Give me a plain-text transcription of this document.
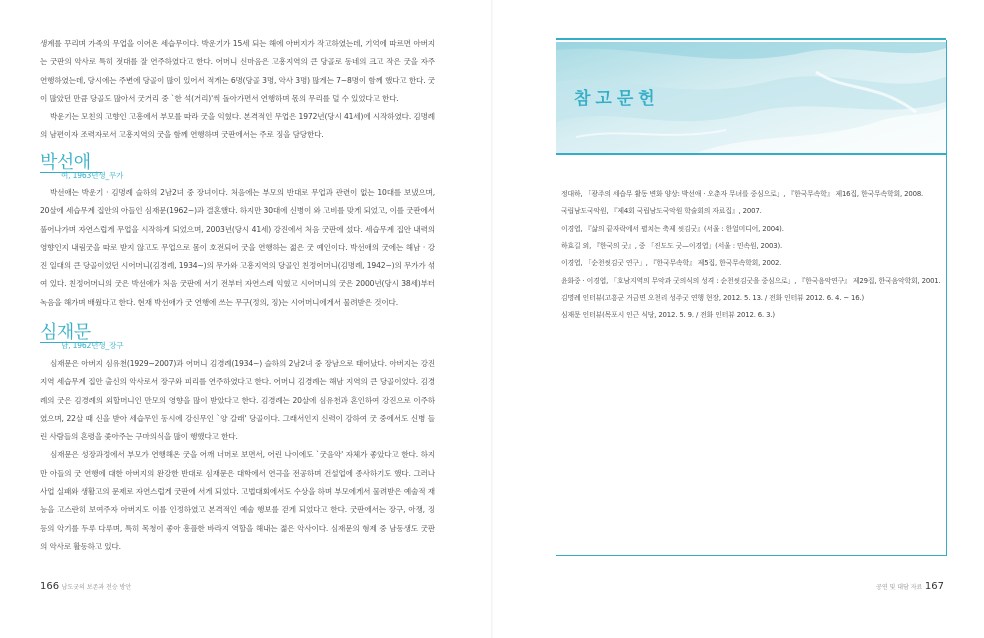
생계를 꾸리며 가족의 무업을 이어온 세습무이다. 박운기가 15세 되는 해에 아버지가 작고하였는데, 기억에 따르면 아버지는 굿판의 악사로 특히 젓대를 잘 연주하였다고 한다. 어머니 신마음은 고흥지역의 큰 당골로 동네의 크고 작은 굿을 자주 연행하였는데, 당시에는 주변에 당골이 많이 있어서 적게는 6명(당골 3명, 악사 3명) 많게는 7~8명이 함께 했다고 한다. 굿이 많았던 만큼 당골도 많아서 굿거리 중 `한 석(거리)'씩 돌아가면서 연행하며 몫의 무리를 덜 수 있었다고 한다.

박운기는 모친의 고향인 고흥에서 부모를 따라 굿을 익혔다. 본격적인 무업은 1972년(당시 41세)에 시작하였다. 김명례의 남편이자 조력자로서 고흥지역의 굿을 함께 연행하며 굿판에서는 주로 징을 담당한다.

박선애
여, 1963년생_무가

박선애는 박운기 · 김명례 슬하의 2남2녀 중 장녀이다. 처음에는 부모의 반대로 무업과 관련이 없는 10대를 보냈으며, 20살에 세습무계 집안의 아들인 심재문(1962~)과 결혼했다. 하지만 30대에 신병이 와 고비를 맞게 되었고, 이를 굿판에서 풀어나가며 자연스럽게 무업을 시작하게 되었으며, 2003년(당시 41세) 강진에서 처음 굿판에 섰다. 세습무계 집안 내력의 영향인지 내림굿을 따로 받지 않고도 무업으로 몸이 호전되어 굿을 연행하는 젊은 굿 예인이다. 박선애의 굿에는 해남 · 강진 일대의 큰 당골이었던 시어머니(김경례, 1934~)의 무가와 고흥지역의 당골인 친정어머니(김명례, 1942~)의 무가가 섞여 있다. 친정어머니의 굿은 박선애가 처음 굿판에 서기 전부터 자연스레 익혔고 시어머니의 굿은 2000년(당시 38세)부터 녹음을 해가며 배웠다고 한다. 현재 박선애가 굿 연행에 쓰는 무구(정의, 징)는 시어머니에게서 물려받은 것이다.

심재문
남, 1962년생_장구

심재문은 아버지 심유천(1929~2007)과 어머니 김경례(1934~) 슬하의 2남2녀 중 장남으로 태어났다. 아버지는 강진지역 세습무계 집안 출신의 악사로서 장구와 피리를 연주하였다고 한다. 어머니 김경례는 해남 지역의 큰 당골이었다. 김경례의 굿은 김경례의 외할머니인 만모의 영향을 많이 받았다고 한다. 김경례는 20살에 심유천과 혼인하여 강진으로 이주하였으며, 22살 때 신을 받아 세습무인 동시에 강신무인 `양 갈래' 당골이다. 그래서인지 신력이 강하여 굿 중에서도 신병 들린 사람들의 혼령을 좇아주는 구마의식을 많이 행했다고 한다.

심재문은 성장과정에서 부모가 연행해온 굿을 어깨 너머로 보면서, 어린 나이에도 `굿음악' 자체가 좋았다고 한다. 하지만 아들의 굿 연행에 대한 아버지의 완강한 반대로 심재문은 대학에서 연극을 전공하며 건설업에 종사하기도 했다. 그러나 사업 실패와 생활고의 문제로 자연스럽게 굿판에 서게 되었다. 고법대회에서도 수상을 하며 부모에게서 물려받은 예술적 재능을 고스란히 보여주자 아버지도 이를 인정하였고 본격적인 예술 행보를 걷게 되었다고 한다. 굿판에서는 장구, 아쟁, 징 등의 악기를 두루 다루며, 특히 목청이 좋아 흥플한 바라지 역할을 해내는 젊은 악사이다. 심재문의 형제 중 남동생도 굿판의 악사로 활동하고 있다.

166 남도굿의 보존과 전승 방안
참고문헌
정대하, 「광주의 세습무 활동 변화 양상: 박선애 · 오춘자 무녀를 중심으로」, 『한국무속학』 제16집, 한국무속학회, 2008.
국립남도국악원, 『제4회 국립남도국악원 학술회의 자료집』, 2007.
이경엽, 『삶의 끝자락에서 펼치는 축제 씻김굿』(서울 : 한얼미디어, 2004).
하효길 외, 『한국의 굿』, 중 「진도도 굿—이경엽」(서울 : 민속원, 2003).
이경엽, 「순천씻김굿 연구」, 『한국무속학』 제5집, 한국무속학회, 2002.
윤화중 · 이경엽, 「호남지역의 무악과 굿의식의 성격 : 순천씻김굿을 중심으로」, 『한국음악연구』 제29집, 한국음악학회, 2001.
김명례 인터뷰(고흥군 거금면 오천리 성주굿 연행 현장, 2012. 5. 13. / 전화 인터뷰 2012. 6. 4. ~ 16.)
심재문 인터뷰(목포시 인근 식당, 2012. 5. 9. / 전화 인터뷰 2012. 6. 3.)
공연 및 대담 자료 167
